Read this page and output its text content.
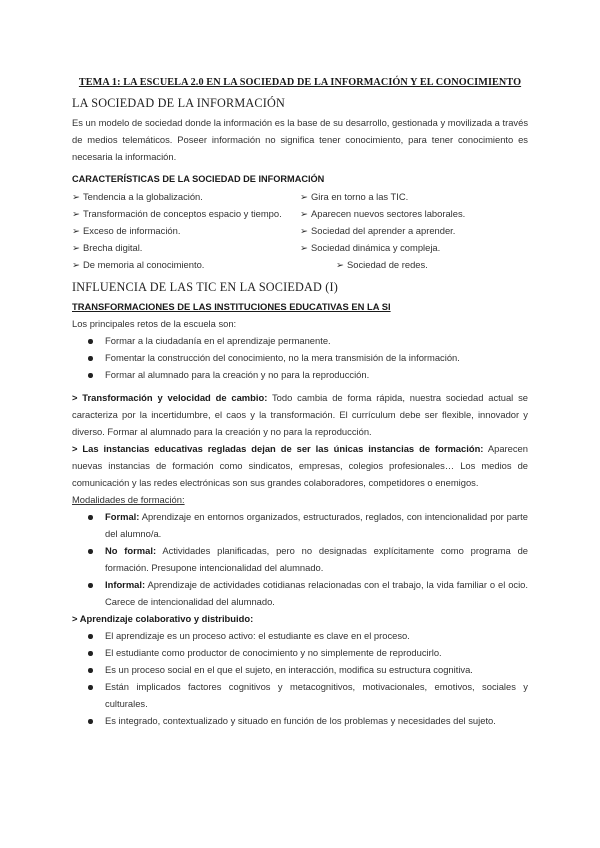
TEMA 1: LA ESCUELA 2.0 EN LA SOCIEDAD DE LA INFORMACIÓN Y EL CONOCIMIENTO
LA SOCIEDAD DE LA INFORMACIÓN
Es un modelo de sociedad donde la información es la base de su desarrollo, gestionada y movilizada a través de medios telemáticos. Poseer información no significa tener conocimiento, para tener conocimiento es necesaria la información.
CARACTERÍSTICAS DE LA SOCIEDAD DE INFORMACIÓN
➢ Tendencia a la globalización.
➢ Transformación de conceptos espacio y tiempo.
➢ Exceso de información.
➢ Brecha digital.
➢ De memoria al conocimiento.
➢ Gira en torno a las TIC.
➢ Aparecen nuevos sectores laborales.
➢ Sociedad del aprender a aprender.
➢ Sociedad dinámica y compleja.
➢ Sociedad de redes.
INFLUENCIA DE LAS TIC EN LA SOCIEDAD (I)
TRANSFORMACIONES DE LAS INSTITUCIONES EDUCATIVAS EN LA SI
Los principales retos de la escuela son:
Formar a la ciudadanía en el aprendizaje permanente.
Fomentar la construcción del conocimiento, no la mera transmisión de la información.
Formar al alumnado para la creación y no para la reproducción.
> Transformación y velocidad de cambio: Todo cambia de forma rápida, nuestra sociedad actual se caracteriza por la incertidumbre, el caos y la transformación. El currículum debe ser flexible, innovador y diverso. Formar al alumnado para la creación y no para la reproducción.
> Las instancias educativas regladas dejan de ser las únicas instancias de formación: Aparecen nuevas instancias de formación como sindicatos, empresas, colegios profesionales… Los medios de comunicación y las redes electrónicas son sus grandes colaboradores, competidores o enemigos.
Modalidades de formación:
Formal: Aprendizaje en entornos organizados, estructurados, reglados, con intencionalidad por parte del alumno/a.
No formal: Actividades planificadas, pero no designadas explícitamente como programa de formación. Presupone intencionalidad del alumnado.
Informal: Aprendizaje de actividades cotidianas relacionadas con el trabajo, la vida familiar o el ocio. Carece de intencionalidad del alumnado.
> Aprendizaje colaborativo y distribuido:
El aprendizaje es un proceso activo: el estudiante es clave en el proceso.
El estudiante como productor de conocimiento y no simplemente de reproducirlo.
Es un proceso social en el que el sujeto, en interacción, modifica su estructura cognitiva.
Están implicados factores cognitivos y metacognitivos, motivacionales, emotivos, sociales y culturales.
Es integrado, contextualizado y situado en función de los problemas y necesidades del sujeto.
